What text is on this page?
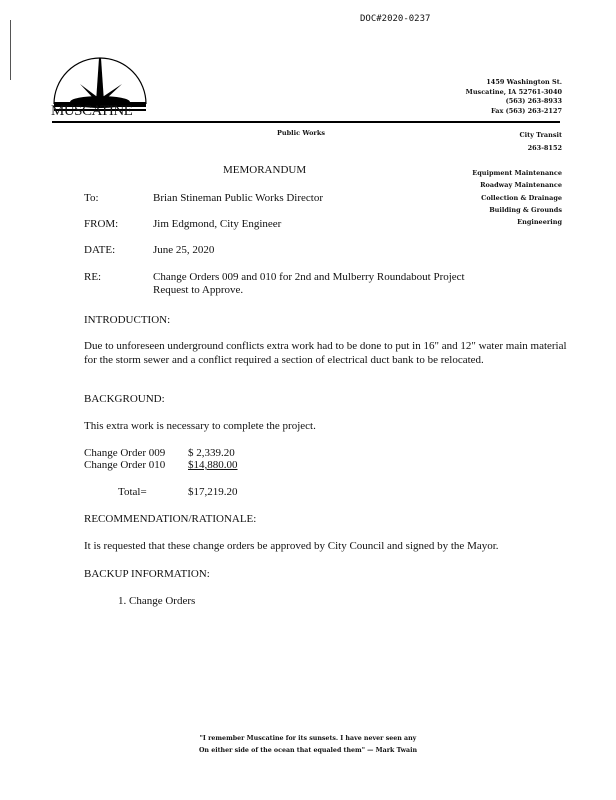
DOC#2020-0237
MUSCATINE
1459 Washington St.
Muscatine, IA 52761-3040
(563) 263-8933
Fax (563) 263-2127
Public Works	City Transit
263-8152
Equipment Maintenance
Roadway Maintenance
Collection & Drainage
Building & Grounds
Engineering
MEMORANDUM
To:	Brian Stineman Public Works Director
FROM:	Jim Edgmond, City Engineer
DATE:	June 25, 2020
RE:	Change Orders 009 and 010 for 2nd and Mulberry Roundabout Project
Request to Approve.
INTRODUCTION:

Due to unforeseen underground conflicts extra work had to be done to put in 16" and 12" water main material for the storm sewer and a conflict required a section of electrical duct bank to be relocated.

BACKGROUND:
This extra work is necessary to complete the project.
Change Order 009 $ 2,339.20
Change Order 010 $14,880.00
Total=	$17,219.20
RECOMMENDATION/RATIONALE:
It is requested that these change orders be approved by City Council and signed by the Mayor.
BACKUP INFORMATION:
1. Change Orders
"I remember Muscatine for its sunsets. I have never seen any
On either side of the ocean that equaled them" — Mark Twain
